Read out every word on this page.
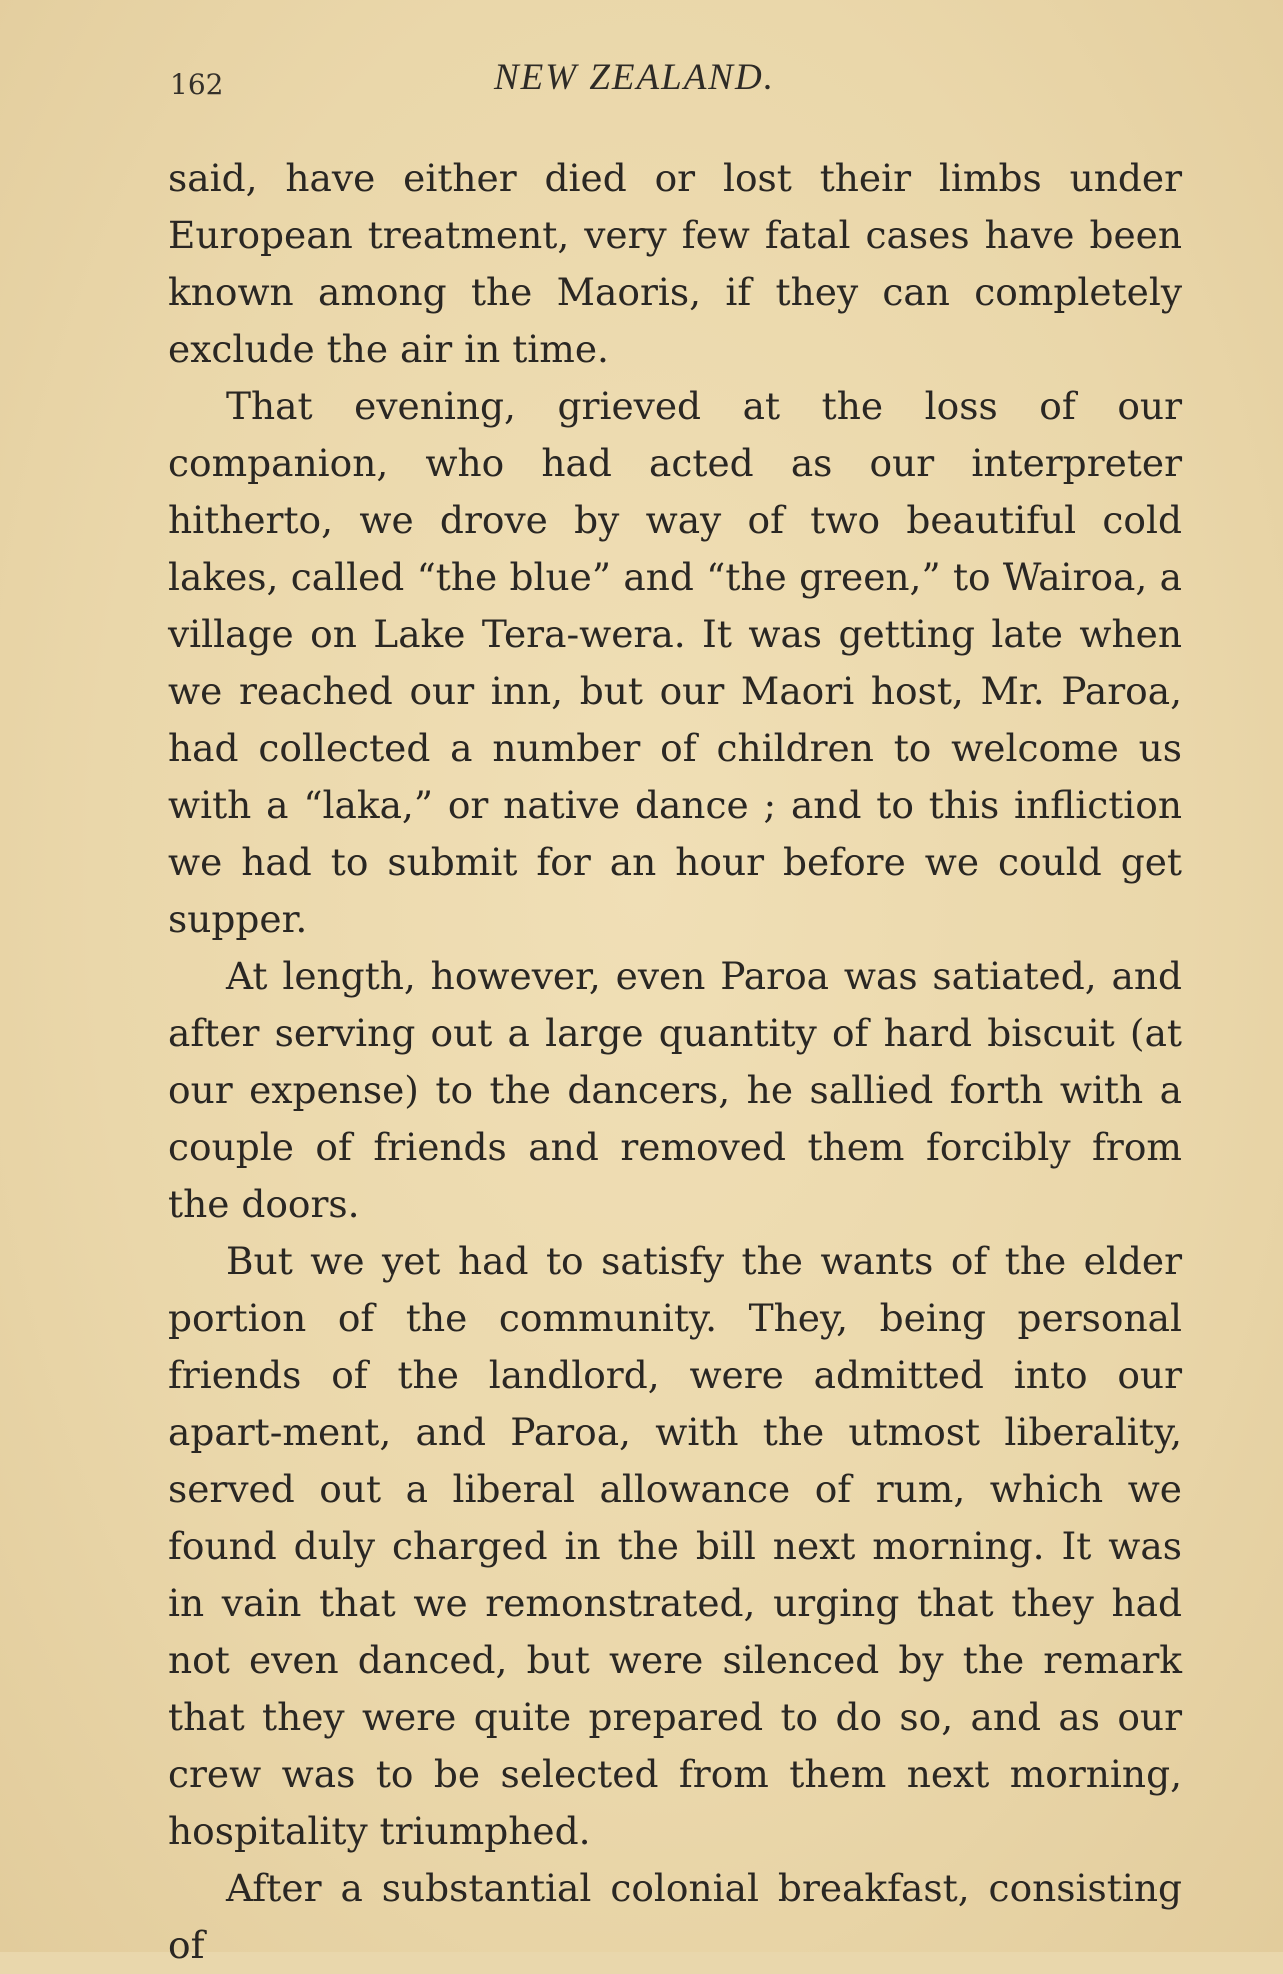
162	NEW ZEALAND.

said, have either died or lost their limbs under European treatment, very few fatal cases have been known among the Maoris, if they can completely exclude the air in time.

That evening, grieved at the loss of our companion, who had acted as our interpreter hitherto, we drove by way of two beautiful cold lakes, called “the blue” and “the green,” to Wairoa, a village on Lake Tera-wera. It was getting late when we reached our inn, but our Maori host, Mr. Paroa, had collected a number of children to welcome us with a “laka,” or native dance ; and to this infliction we had to submit for an hour before we could get supper.

At length, however, even Paroa was satiated, and after serving out a large quantity of hard biscuit (at our expense) to the dancers, he sallied forth with a couple of friends and removed them forcibly from the doors.

But we yet had to satisfy the wants of the elder portion of the community. They, being personal friends of the landlord, were admitted into our apart-ment, and Paroa, with the utmost liberality, served out a liberal allowance of rum, which we found duly charged in the bill next morning. It was in vain that we remonstrated, urging that they had not even danced, but were silenced by the remark that they were quite prepared to do so, and as our crew was to be selected from them next morning, hospitality triumphed.

After a substantial colonial breakfast, consisting of
